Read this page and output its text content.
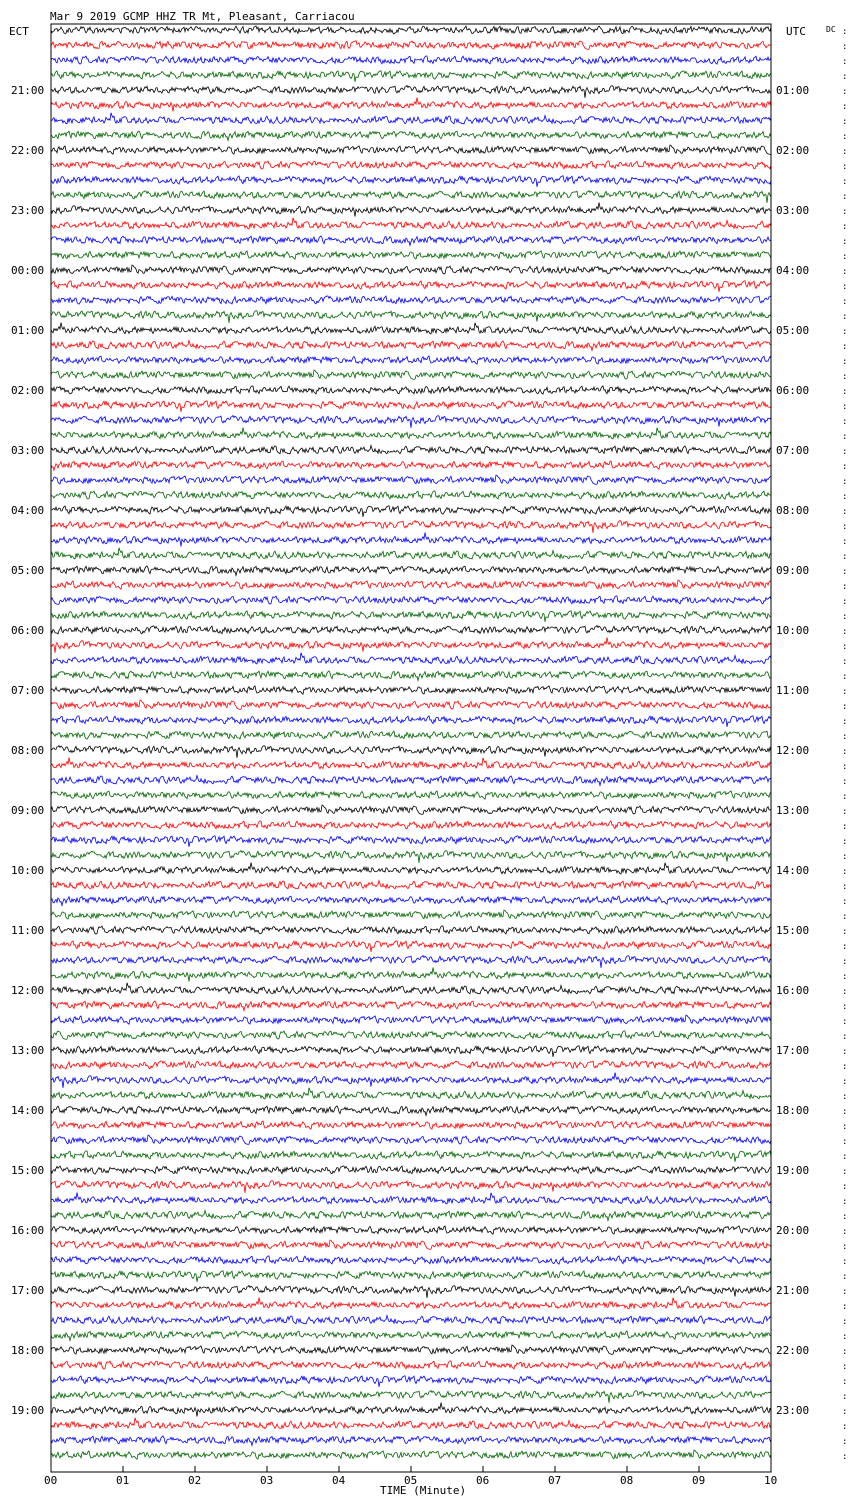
Mar 9 2019 GCMP HHZ TR Mt, Pleasant, Carriacou
ECT	UTC	DC
TIME (Minute)
:
:
:
:
:
:
:
:
:
:
:
:
:
:
:
:
:
:
:
:
:
:
:
:
:
:
:
:
:
:
:
:
:
:
:
:
:
:
:
:
:
:
:
:
:
:
:
:
:
:
:
:
:
:
:
:
:
:
:
:
:
:
:
:
:
:
:
:
:
:
:
:
:
:
:
:
:
:
:
:
:
:
:
:
:
:
:
:
:
:
:
:
:
:
:
:
21:00	01:00
22:00	02:00
23:00	03:00
00:00	04:00
01:00	05:00
02:00	06:00
03:00	07:00
04:00	08:00
05:00	09:00
06:00	10:00
07:00	11:00
08:00	12:00
09:00	13:00
10:00	14:00
11:00	15:00
12:00	16:00
13:00	17:00
14:00	18:00
15:00	19:00
16:00	20:00
17:00	21:00
18:00	22:00
19:00	23:00
00	01	02	03	04	05	06	07	08	09	10
